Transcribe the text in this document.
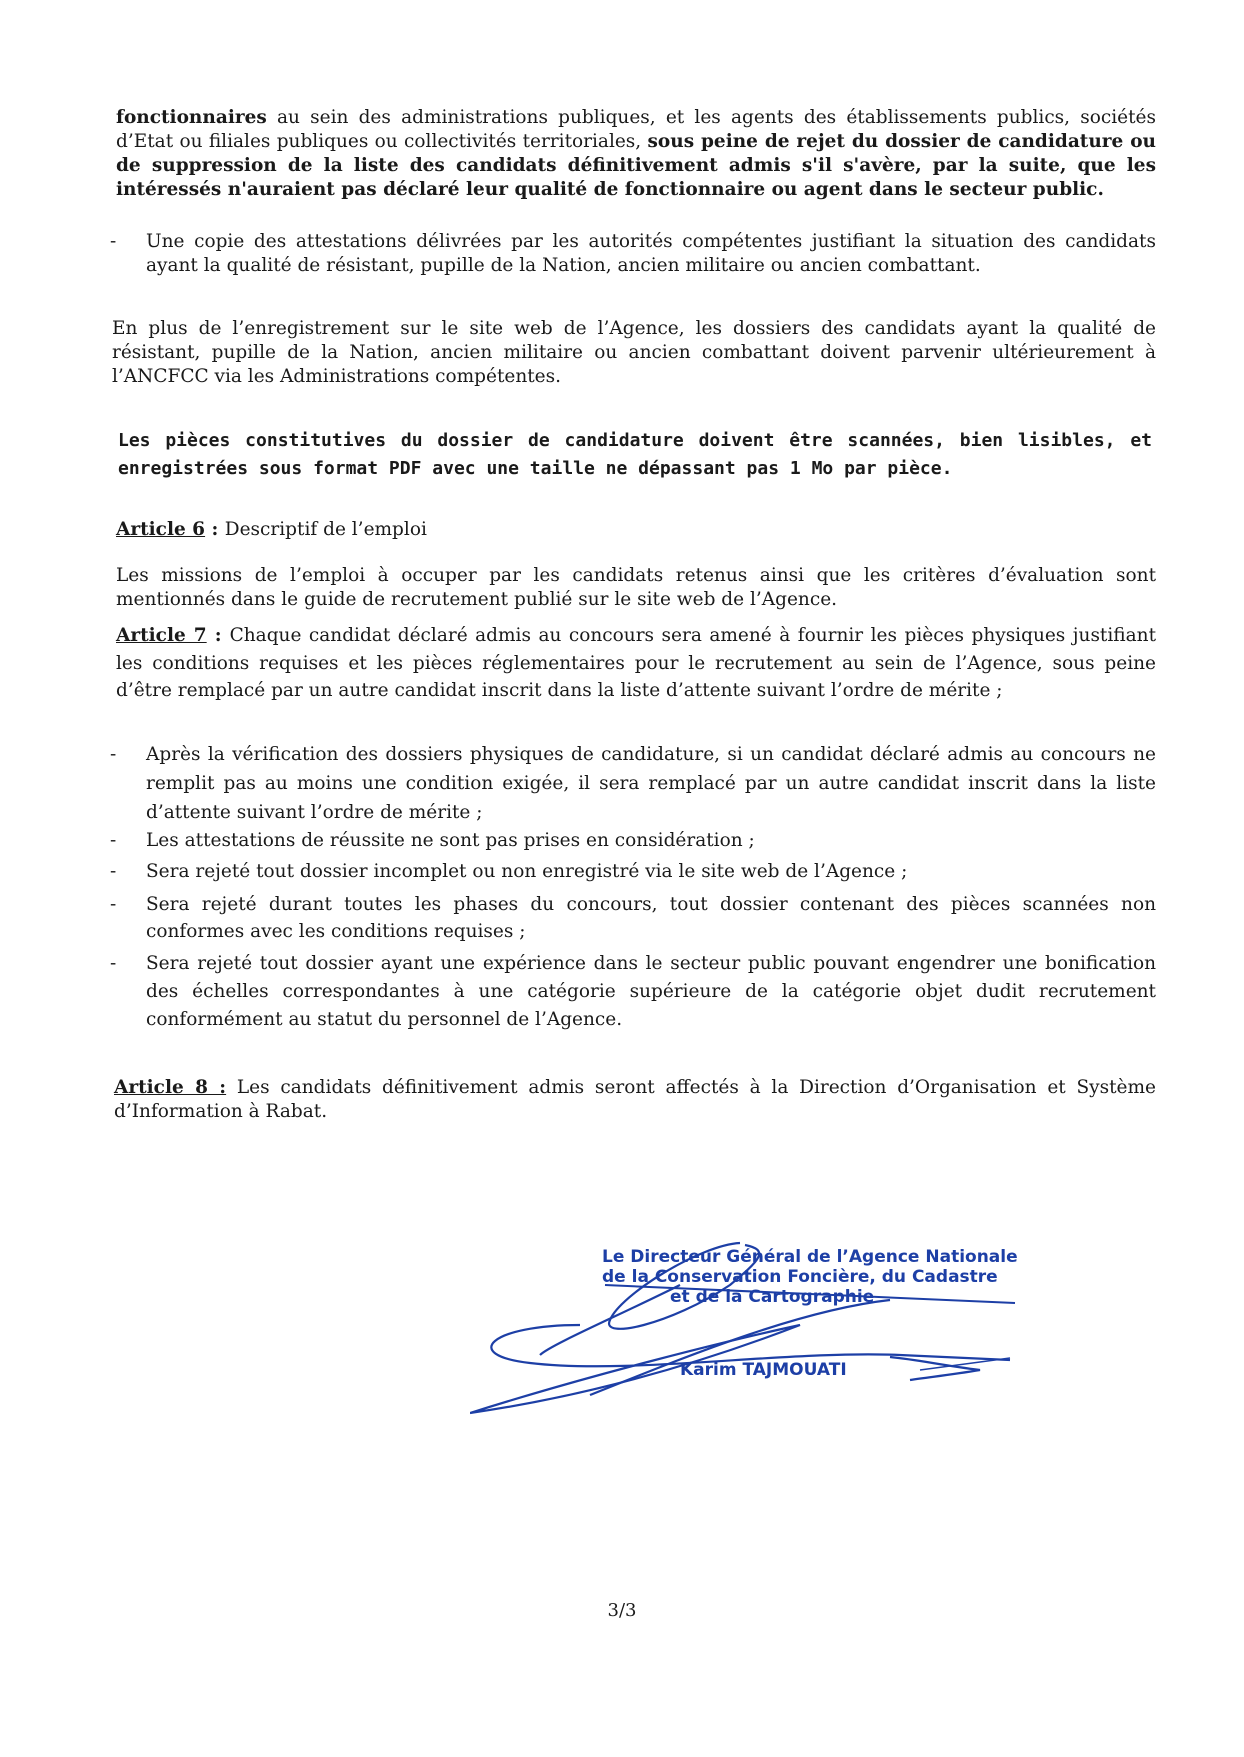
fonctionnaires au sein des administrations publiques, et les agents des établissements publics, sociétés d’Etat ou filiales publiques ou collectivités territoriales, sous peine de rejet du dossier de candidature ou de suppression de la liste des candidats définitivement admis s'il s'avère, par la suite, que les intéressés n'auraient pas déclaré leur qualité de fonctionnaire ou agent dans le secteur public.
- Une copie des attestations délivrées par les autorités compétentes justifiant la situation des candidats ayant la qualité de résistant, pupille de la Nation, ancien militaire ou ancien combattant.
En plus de l’enregistrement sur le site web de l’Agence, les dossiers des candidats ayant la qualité de résistant, pupille de la Nation, ancien militaire ou ancien combattant doivent parvenir ultérieurement à l’ANCFCC via les Administrations compétentes.
Les pièces constitutives du dossier de candidature doivent être scannées, bien lisibles, et enregistrées sous format PDF avec une taille ne dépassant pas 1 Mo par pièce.
Article 6 : Descriptif de l’emploi
Les missions de l’emploi à occuper par les candidats retenus ainsi que les critères d’évaluation sont mentionnés dans le guide de recrutement publié sur le site web de l’Agence.
Article 7 : Chaque candidat déclaré admis au concours sera amené à fournir les pièces physiques justifiant les conditions requises et les pièces réglementaires pour le recrutement au sein de l’Agence, sous peine d’être remplacé par un autre candidat inscrit dans la liste d’attente suivant l’ordre de mérite ;
- Après la vérification des dossiers physiques de candidature, si un candidat déclaré admis au concours ne remplit pas au moins une condition exigée, il sera remplacé par un autre candidat inscrit dans la liste d’attente suivant l’ordre de mérite ;
- Les attestations de réussite ne sont pas prises en considération ;
- Sera rejeté tout dossier incomplet ou non enregistré via le site web de l’Agence ;
- Sera rejeté durant toutes les phases du concours, tout dossier contenant des pièces scannées non conformes avec les conditions requises ;
- Sera rejeté tout dossier ayant une expérience dans le secteur public pouvant engendrer une bonification des échelles correspondantes à une catégorie supérieure de la catégorie objet dudit recrutement conformément au statut du personnel de l’Agence.
Article 8 : Les candidats définitivement admis seront affectés à la Direction d’Organisation et Système d’Information à Rabat.
Le Directeur Général de l’Agence Nationale
de la Conservation Foncière, du Cadastre
et de la Cartographie
Karim TAJMOUATI
3/3
